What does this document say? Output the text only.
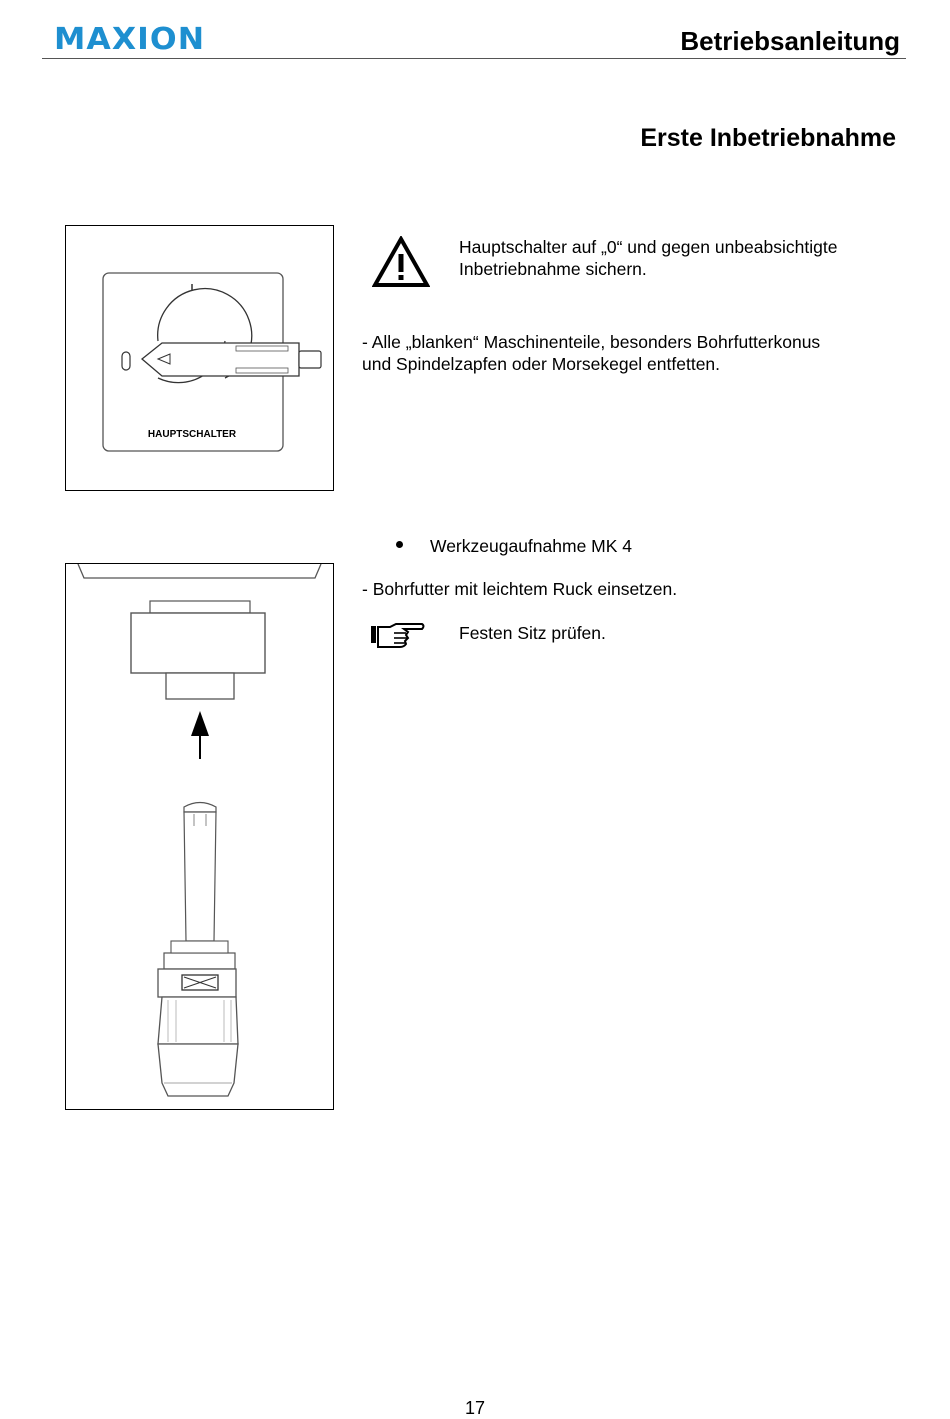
MAXION	Betriebsanleitung
Erste Inbetriebnahme
HAUPTSCHALTER
Hauptschalter auf „0“ und gegen unbeabsichtigte
Inbetriebnahme sichern.
- Alle „blanken“ Maschinenteile, besonders Bohrfutterkonus
und Spindelzapfen oder Morsekegel entfetten.
Werkzeugaufnahme MK 4
- Bohrfutter mit leichtem Ruck einsetzen.
Festen Sitz prüfen.
17
